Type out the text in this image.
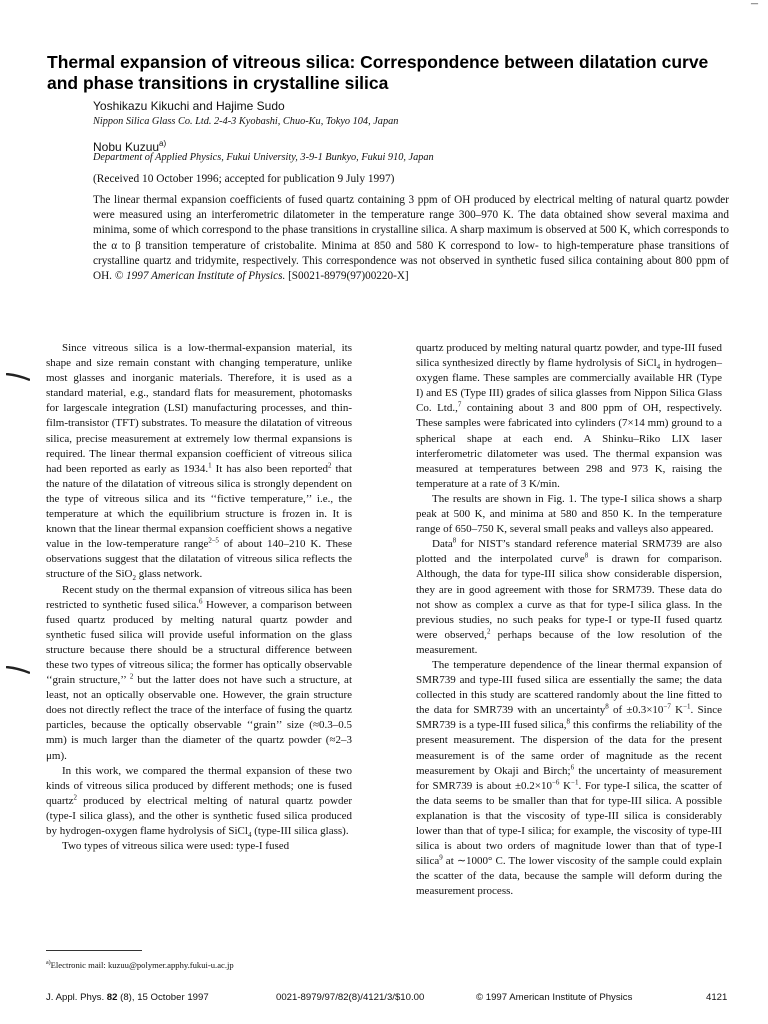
–
Thermal expansion of vitreous silica: Correspondence between dilatation curve and phase transitions in crystalline silica
Yoshikazu Kikuchi and Hajime Sudo
Nippon Silica Glass Co. Ltd. 2-4-3 Kyobashi, Chuo-Ku, Tokyo 104, Japan
Nobu Kuzuu$^{a)}$
Department of Applied Physics, Fukui University, 3-9-1 Bunkyo, Fukui 910, Japan
(Received 10 October 1996; accepted for publication 9 July 1997)

The linear thermal expansion coefficients of fused quartz containing 3 ppm of OH produced by electrical melting of natural quartz powder were measured using an interferometric dilatometer in the temperature range 300–970 K. The data obtained show several maxima and minima, some of which correspond to the phase transitions in crystalline silica. A sharp maximum is observed at 500 K, which corresponds to the α to β transition temperature of cristobalite. Minima at 850 and 580 K correspond to low- to high-temperature phase transitions of crystalline quartz and tridymite, respectively. This correspondence was not observed in synthetic fused silica containing about 800 ppm of OH. © 1997 American Institute of Physics. [S0021-8979(97)00220-X]

Since vitreous silica is a low-thermal-expansion material, its shape and size remain constant with changing temperature, unlike most glasses and inorganic materials. Therefore, it is used as a standard material, e.g., standard flats for measurement, photomasks for largescale integration (LSI) manufacturing processes, and thin-film-transistor (TFT) substrates. To measure the dilatation of vitreous silica, precise measurement at extremely low thermal expansions is required. The linear thermal expansion coefficient of vitreous silica had been reported as early as 1934.$^1$ It has also been reported$^2$ that the nature of the dilatation of vitreous silica is strongly dependent on the type of vitreous silica and its ‘‘fictive temperature,’’ i.e., the temperature at which the equilibrium structure is frozen in. It is known that the linear thermal expansion coefficient shows a negative value in the low-temperature range$^{2-5}$ of about 140–210 K. These observations suggest that the dilatation of vitreous silica reflects the structure of the SiO$_2$ glass network.

Recent study on the thermal expansion of vitreous silica has been restricted to synthetic fused silica.$^6$ However, a comparison between fused quartz produced by melting natural quartz powder and synthetic fused silica will provide useful information on the glass structure because there should be a structural difference between these two types of vitreous silica; the former has optically observable ‘‘grain structure,’’ $^2$ but the latter does not have such a structure, at least, not an optically observable one. However, the grain structure does not directly reflect the trace of the interface of fusing the quartz particles, because the optically observable ‘‘grain’’ size (≈0.3–0.5 mm) is much larger than the diameter of the quartz powder (≈2–3 μm).

In this work, we compared the thermal expansion of these two kinds of vitreous silica produced by different methods; one is fused quartz$^2$ produced by electrical melting of natural quartz powder (type-I silica glass), and the other is synthetic fused silica produced by hydrogen-oxygen flame hydrolysis of SiCl$_4$ (type-III silica glass).

Two types of vitreous silica were used: type-I fused

quartz produced by melting natural quartz powder, and type-III fused silica synthesized directly by flame hydrolysis of SiCl$_4$ in hydrogen–oxygen flame. These samples are commercially available HR (Type I) and ES (Type III) grades of silica glasses from Nippon Silica Glass Co. Ltd.,$^7$ containing about 3 and 800 ppm of OH, respectively. These samples were fabricated into cylinders (7×14 mm) ground to a spherical shape at each end. A Shinku–Riko LIX laser interferometric dilatometer was used. The thermal expansion was measured at temperatures between 298 and 973 K, raising the temperature at a rate of 3 K/min.

The results are shown in Fig. 1. The type-I silica shows a sharp peak at 500 K, and minima at 580 and 850 K. In the temperature range of 650–750 K, several small peaks and valleys also appeared.

Data$^8$ for NIST’s standard reference material SRM739 are also plotted and the interpolated curve$^8$ is drawn for comparison. Although, the data for type-III silica show considerable dispersion, they are in good agreement with those for SRM739. These data do not show as complex a curve as that for type-I silica glass. In the previous studies, no such peaks for type-I or type-II fused quartz were observed,$^2$ perhaps because of the low resolution of the measurement.

The temperature dependence of the linear thermal expansion of SMR739 and type-III fused silica are essentially the same; the data collected in this study are scattered randomly about the line fitted to the data for SMR739 with an uncertainty$^8$ of $\pm 0.3\times 10^{-7}$ $K^{-1}$. Since SMR739 is a type-III fused silica,$^8$ this confirms the reliability of the present measurement. The dispersion of the data for the present measurement is of the same order of magnitude as the recent measurement by Okaji and Birch;$^6$ the uncertainty of measurement for SMR739 is about $\pm 0.2\times 10^{-6}$ $K^{-1}$. For type-I silica, the scatter of the data seems to be smaller than that for type-III silica. A possible explanation is that the viscosity of type-III silica is considerably lower than that of type-I silica; for example, the viscosity of type-III silica is about two orders of magnitude lower than that of type-I silica$^9$ at ∼1000° C. The lower viscosity of the sample could explain the scatter of the data, because the sample will deform during the measurement process.

$^{a)}$Electronic mail: kuzuu@polymer.apphy.fukui-u.ac.jp
J. Appl. Phys. 82 (8), 15 October 1997	0021-8979/97/82(8)/4121/3/$10.00	© 1997 American Institute of Physics	4121
